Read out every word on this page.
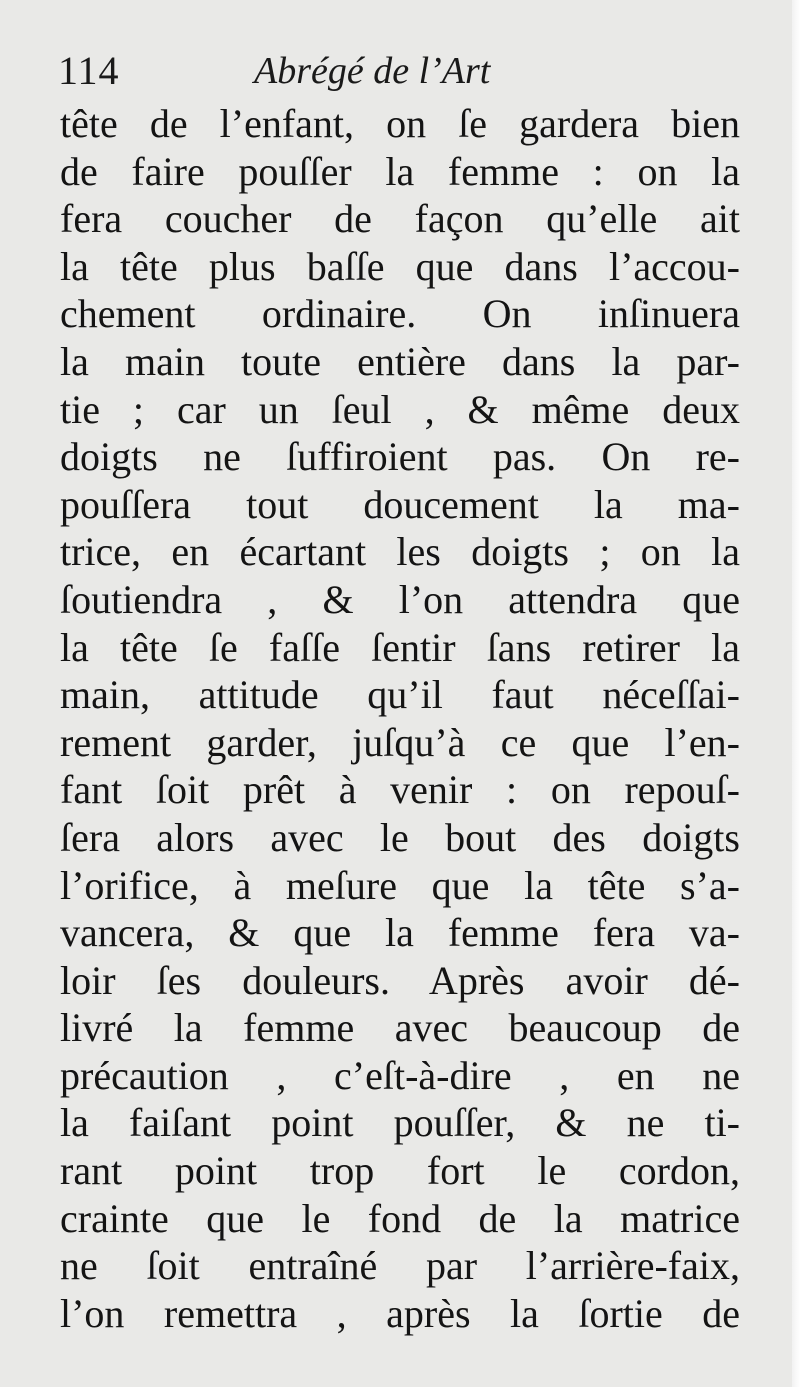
114	Abrégé de l’Art
tête de l’enfant, on ſe gardera bien
de faire pouſſer la femme : on la
fera coucher de façon qu’elle ait
la tête plus baſſe que dans l’accou-
chement ordinaire. On inſinuera
la main toute entière dans la par-
tie ; car un ſeul , & même deux
doigts ne ſuffiroient pas. On re-
pouſſera tout doucement la ma-
trice, en écartant les doigts ; on la
ſoutiendra , & l’on attendra que
la tête ſe faſſe ſentir ſans retirer la
main, attitude qu’il faut néceſſai-
rement garder, juſqu’à ce que l’en-
fant ſoit prêt à venir : on repouſ-
ſera alors avec le bout des doigts
l’orifice, à meſure que la tête s’a-
vancera, & que la femme fera va-
loir ſes douleurs. Après avoir dé-
livré la femme avec beaucoup de
précaution , c’eſt-à-dire , en ne
la faiſant point pouſſer, & ne ti-
rant point trop fort le cordon,
crainte que le fond de la matrice
ne ſoit entraîné par l’arrière-faix,
l’on remettra , après la ſortie de
